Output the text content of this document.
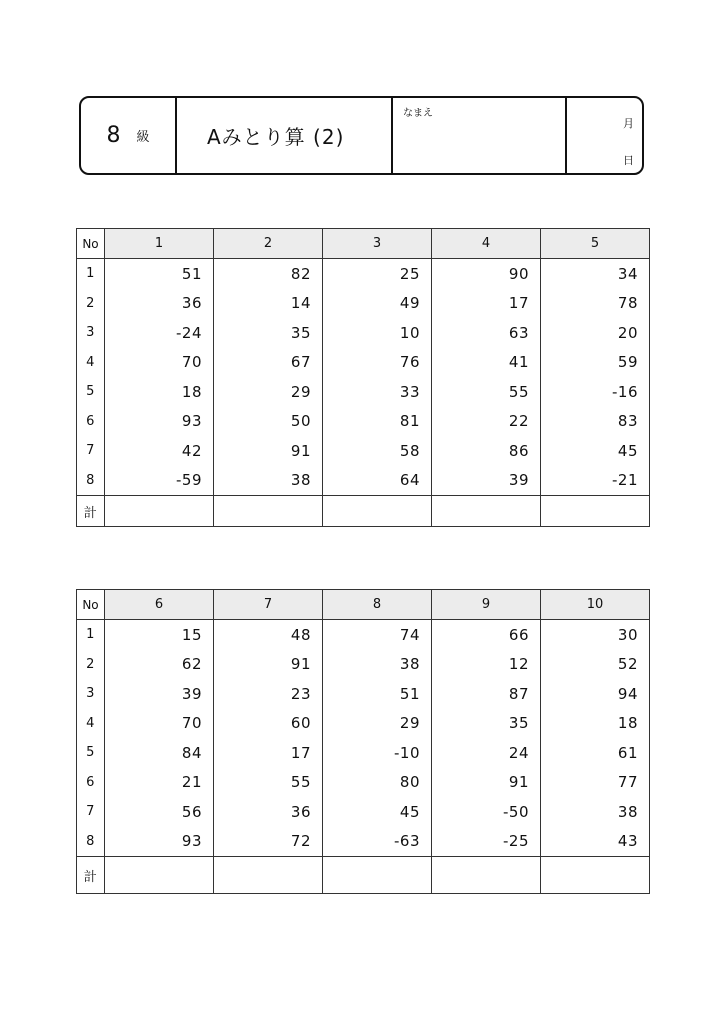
8 級	Aみとり算 (2)
なまえ
月
日
No	1	2	3	4	5
1	51	82	25	90	34
2	36	14	49	17	78
3	-24	35	10	63	20
4	70	67	76	41	59
5	18	29	33	55	-16
6	93	50	81	22	83
7	42	91	58	86	45
8	-59	38	64	39	-21
計					
No	6	7	8	9	10
1	15	48	74	66	30
2	62	91	38	12	52
3	39	23	51	87	94
4	70	60	29	35	18
5	84	17	-10	24	61
6	21	55	80	91	77
7	56	36	45	-50	38
8	93	72	-63	-25	43
計					
